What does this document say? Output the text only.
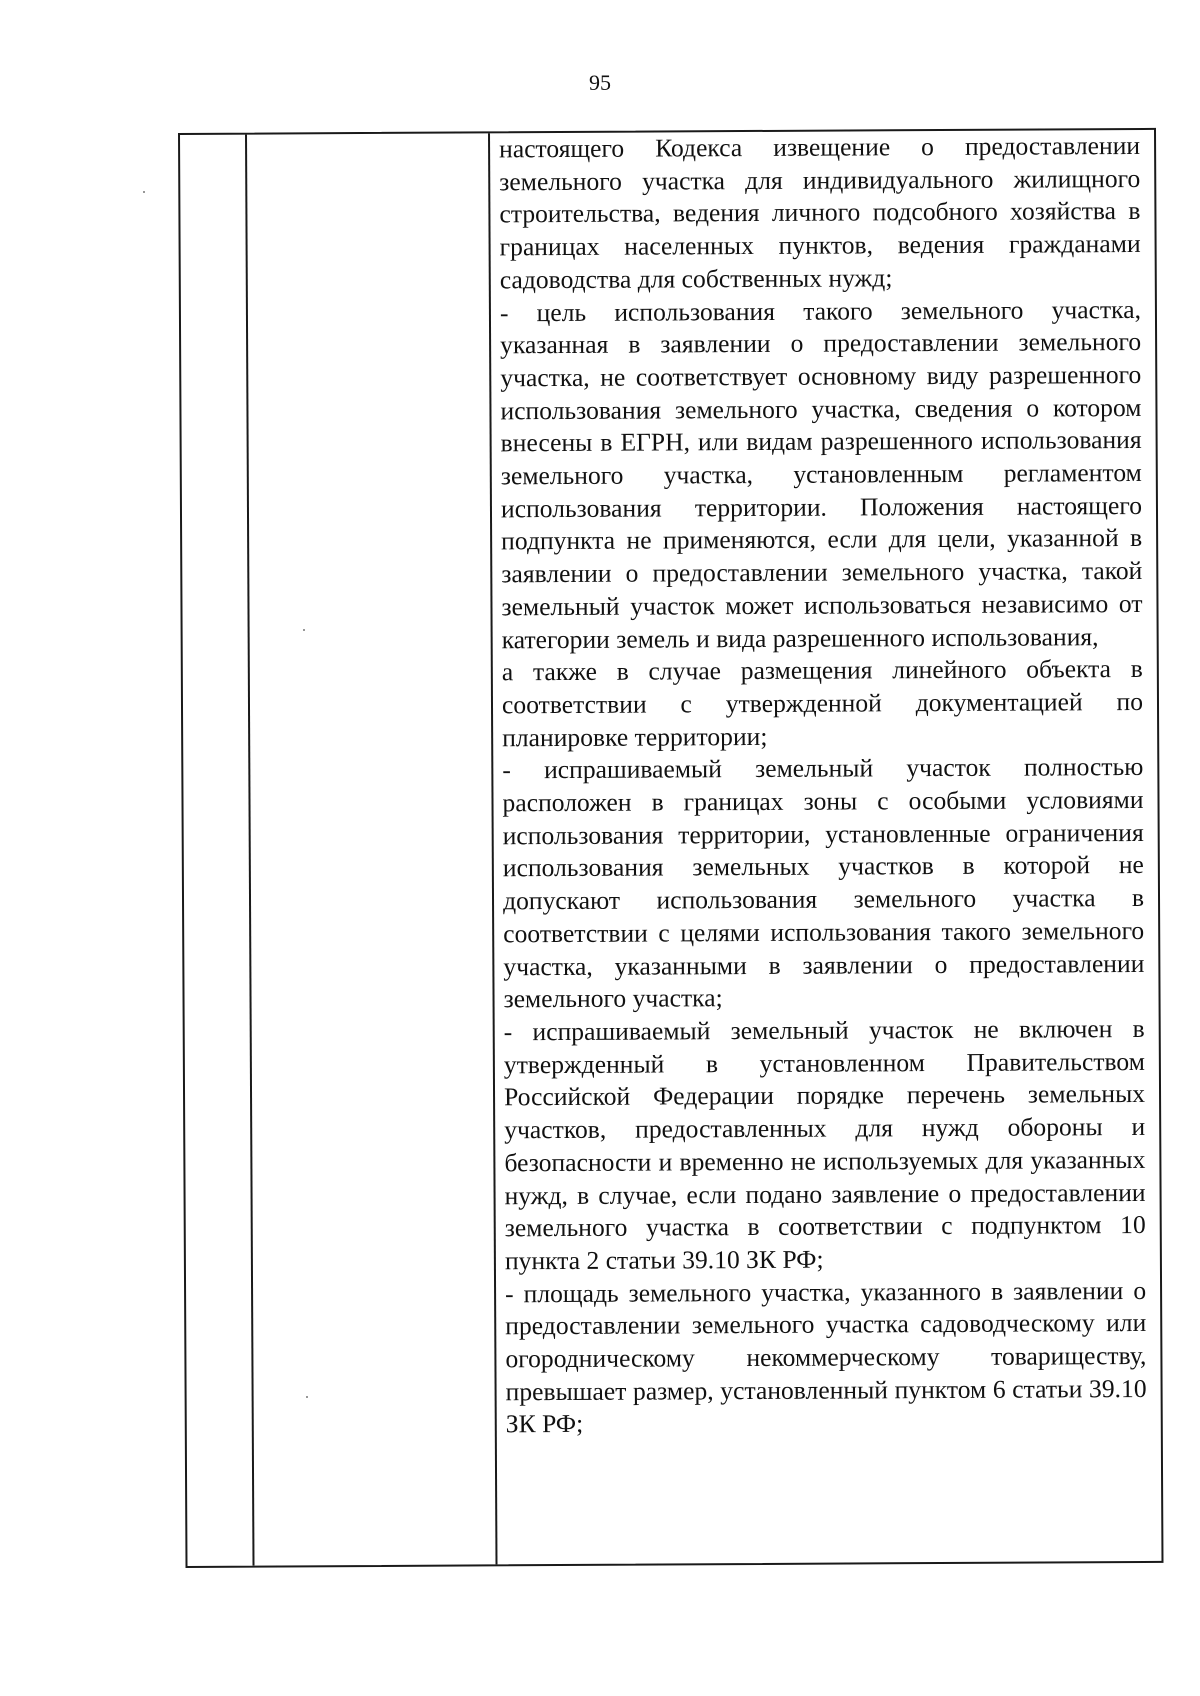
95

настоящего Кодекса извещение о предоставлении земельного участка для индивидуального жилищного строительства, ведения личного подсобного хозяйства в границах населенных пунктов, ведения гражданами садоводства для собственных нужд;

- цель использования такого земельного участка, указанная в заявлении о предоставлении земельного участка, не соответствует основному виду разрешенного использования земельного участка, сведения о котором внесены в ЕГРН, или видам разрешенного использования земельного участка, установленным регламентом использования территории. Положения настоящего подпункта не применяются, если для цели, указанной в заявлении о предоставлении земельного участка, такой земельный участок может использоваться независимо от категории земель и вида разрешенного использования,

а также в случае размещения линейного объекта в соответствии с утвержденной документацией по планировке территории;

- испрашиваемый земельный участок полностью расположен в границах зоны с особыми условиями использования территории, установленные ограничения использования земельных участков в которой не допускают использования земельного участка в соответствии с целями использования такого земельного участка, указанными в заявлении о предоставлении земельного участка;

- испрашиваемый земельный участок не включен в утвержденный в установленном Правительством Российской Федерации порядке перечень земельных участков, предоставленных для нужд обороны и безопасности и временно не используемых для указанных нужд, в случае, если подано заявление о предоставлении земельного участка в соответствии с подпунктом 10 пункта 2 статьи 39.10 ЗК РФ;

- площадь земельного участка, указанного в заявлении о предоставлении земельного участка садоводческому или огородническому некоммерческому товариществу, превышает размер, установленный пунктом 6 статьи 39.10 ЗК РФ;
